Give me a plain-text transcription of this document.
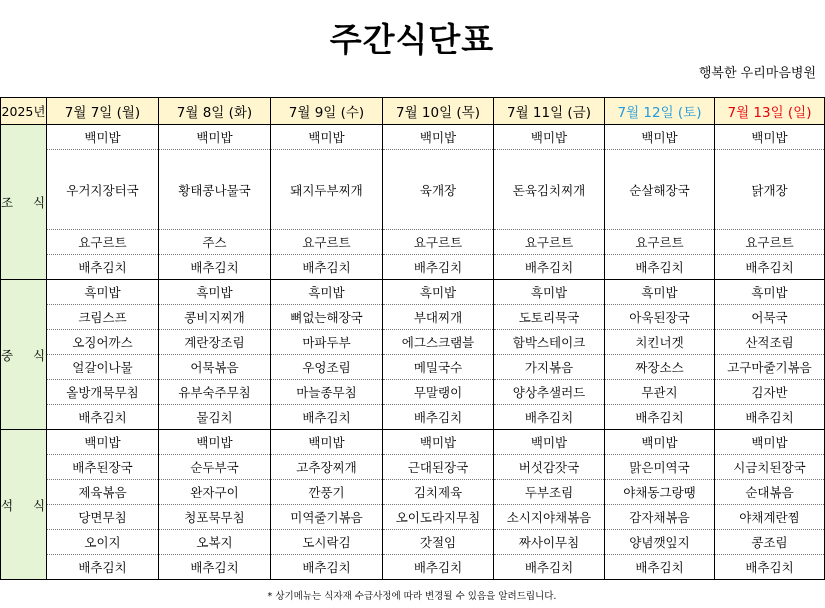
주간식단표
행복한 우리마음병원
2025년	7월 7일 (월)	7월 8일 (화)	7월 9일 (수)	7월 10일 (목)	7월 11일 (금)	7월 12일 (토)	7월 13일 (일)
조 식	백미밥	백미밥	백미밥	백미밥	백미밥	백미밥	백미밥
	우거지장터국	황태콩나물국	돼지두부찌개	육개장	돈육김치찌개	순살해장국	닭개장
	요구르트	주스	요구르트	요구르트	요구르트	요구르트	요구르트
	배추김치	배추김치	배추김치	배추김치	배추김치	배추김치	배추김치
중 식	흑미밥	흑미밥	흑미밥	흑미밥	흑미밥	흑미밥	흑미밥
	크림스프	콩비지찌개	뼈없는해장국	부대찌개	도토리묵국	아욱된장국	어묵국
	오징어까스	계란장조림	마파두부	에그스크램블	함박스테이크	치킨너겟	산적조림
	얼갈이나물	어묵볶음	우엉조림	메밀국수	가지볶음	짜장소스	고구마줄기볶음
	올방개묵무침	유부숙주무침	마늘종무침	무말랭이	양상추샐러드	무관지	김자반
	배추김치	물김치	배추김치	배추김치	배추김치	배추김치	배추김치
석 식	백미밥	백미밥	백미밥	백미밥	백미밥	백미밥	백미밥
	배추된장국	순두부국	고추장찌개	근대된장국	버섯감잣국	맑은미역국	시금치된장국
	제육볶음	완자구이	깐풍기	김치제육	두부조림	야채동그랑땡	순대볶음
	당면무침	청포묵무침	미역줄기볶음	오이도라지무침	소시지야채볶음	감자채볶음	야채계란찜
	오이지	오복지	도시락김	갓절임	짜사이무침	양념깻잎지	콩조림
	배추김치	배추김치	배추김치	배추김치	배추김치	배추김치	배추김치
* 상기메뉴는 식자재 수급사정에 따라 변경될 수 있음을 알려드립니다.
